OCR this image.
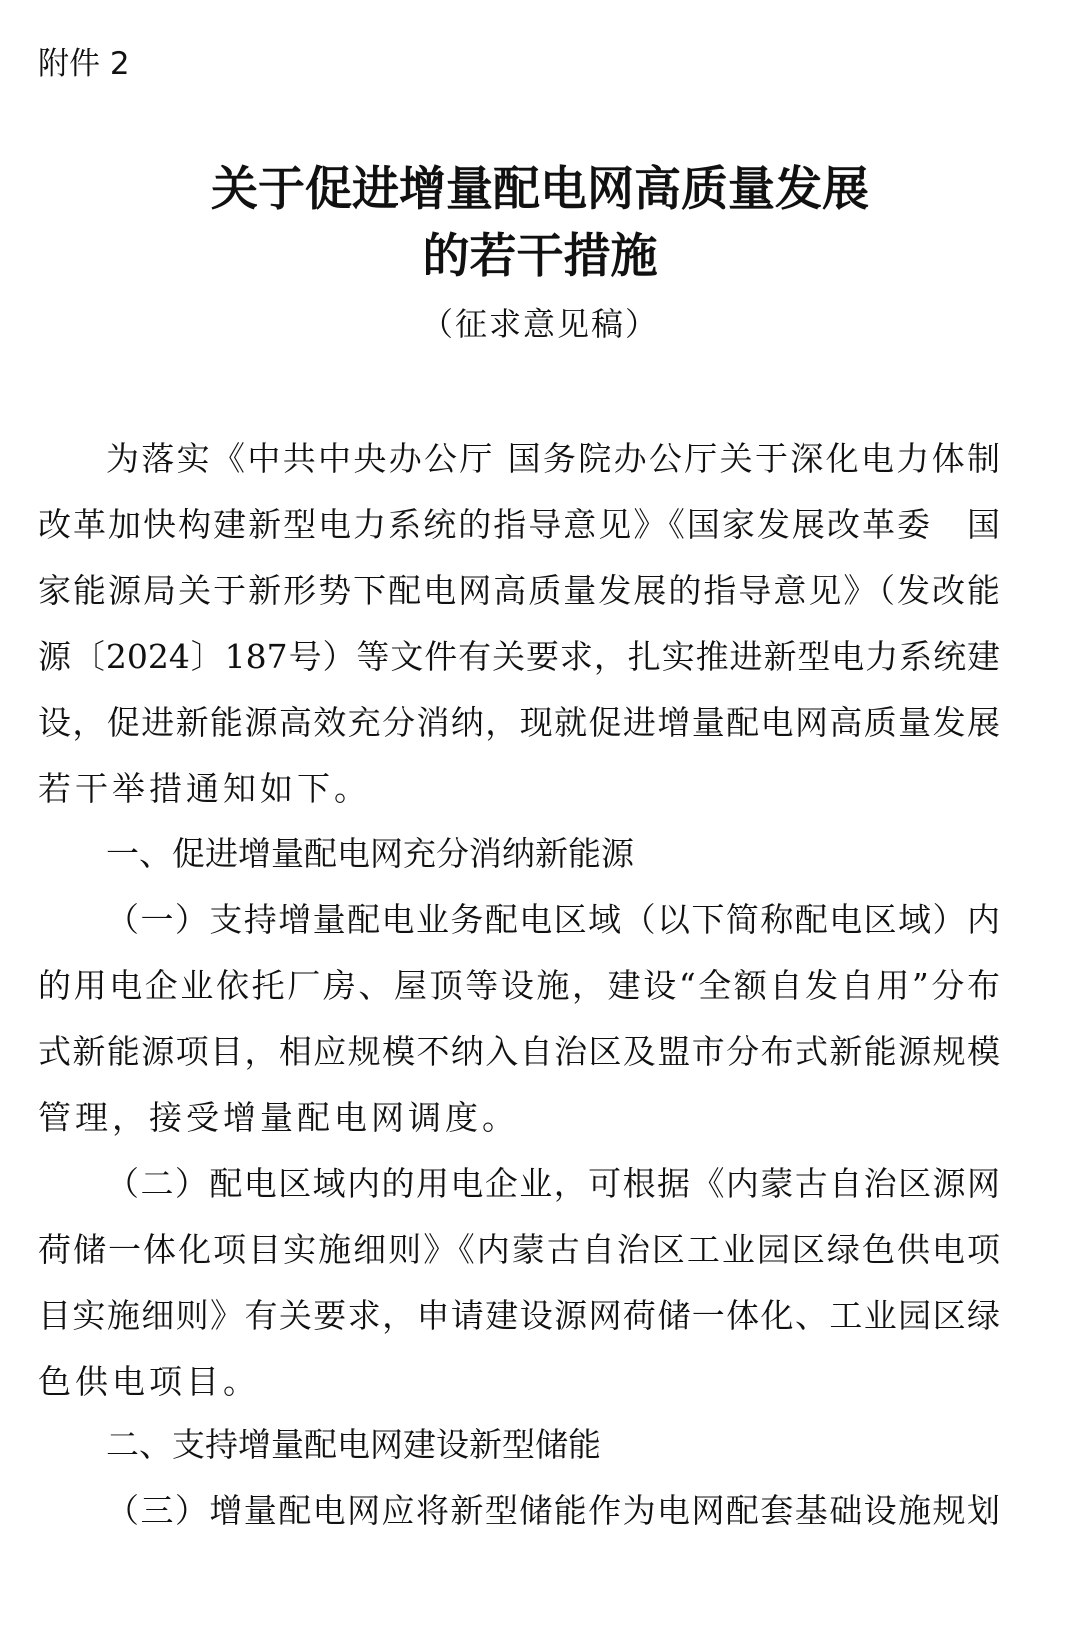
附件 2
关于促进增量配电网高质量发展
的若干措施
（征求意见稿）
为落实《中共中央办公厅 国务院办公厅关于深化电力体制
改革加快构建新型电力系统的指导意见》《国家发展改革委　国
家能源局关于新形势下配电网高质量发展的指导意见》（发改能
源〔2024〕187号）等文件有关要求，扎实推进新型电力系统建
设，促进新能源高效充分消纳，现就促进增量配电网高质量发展
若干举措通知如下。
一、促进增量配电网充分消纳新能源
（一）支持增量配电业务配电区域（以下简称配电区域）内
的用电企业依托厂房、屋顶等设施，建设“全额自发自用”分布
式新能源项目，相应规模不纳入自治区及盟市分布式新能源规模
管理，接受增量配电网调度。
（二）配电区域内的用电企业，可根据《内蒙古自治区源网
荷储一体化项目实施细则》《内蒙古自治区工业园区绿色供电项
目实施细则》有关要求，申请建设源网荷储一体化、工业园区绿
色供电项目。
二、支持增量配电网建设新型储能
（三）增量配电网应将新型储能作为电网配套基础设施规划
